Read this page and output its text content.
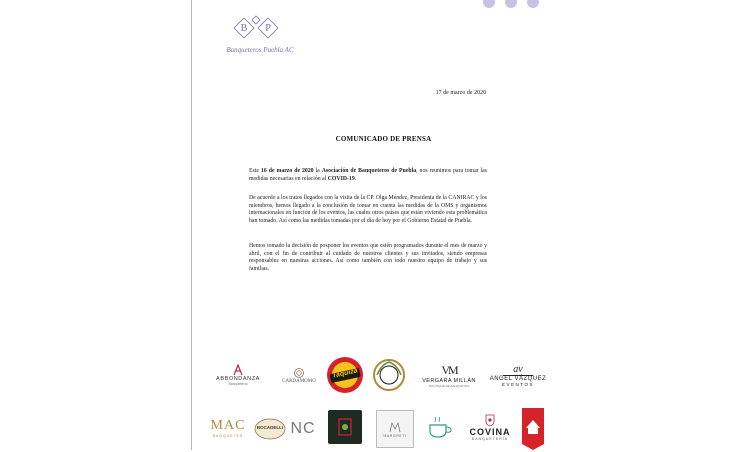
B P
Banqueteros Puebla AC
17 de marzo de 2020
COMUNICADO DE PRENSA
Este 16 de marzo de 2020 la Asociación de Banqueteros de Puebla, nos reunimos para tomar las medidas necesarias en relación al COVID-19.
De acuerdo a los tratos llegados con la visita de la CP. Olga Méndez, Presidenta de la CANIRAC y los miembros, hemos llegado a la conclusión de tomar en cuenta las medidas de la OMS y organismos internacionales en función de los eventos, las cuales otros países que están viviendo esta problemática han tomado. Así como las medidas tomadas por el día de hoy por el Gobierno Estatal de Puebla.
Hemos tomado la decisión de posponer los eventos que estén programados durante el mes de marzo y abril, con el fin de contribuir al cuidado de nuestros clientes y sus invitados, siendo empresas responsables en nuestras acciones. Así como también con todo nuestro equipo de trabajo y sus familias.
ABBONDANZA
Banquetería
CARDAMOMO
Taquiza	VM
VERGARA MILLÁN
BOUTIQUE DE BANQUETES
av
ANGEL VÁZQUEZ
EVENTOS
MAC
BANQUETES
BOCADELLI NC	MARGRETI	COVINA
BANQUETERÍA
